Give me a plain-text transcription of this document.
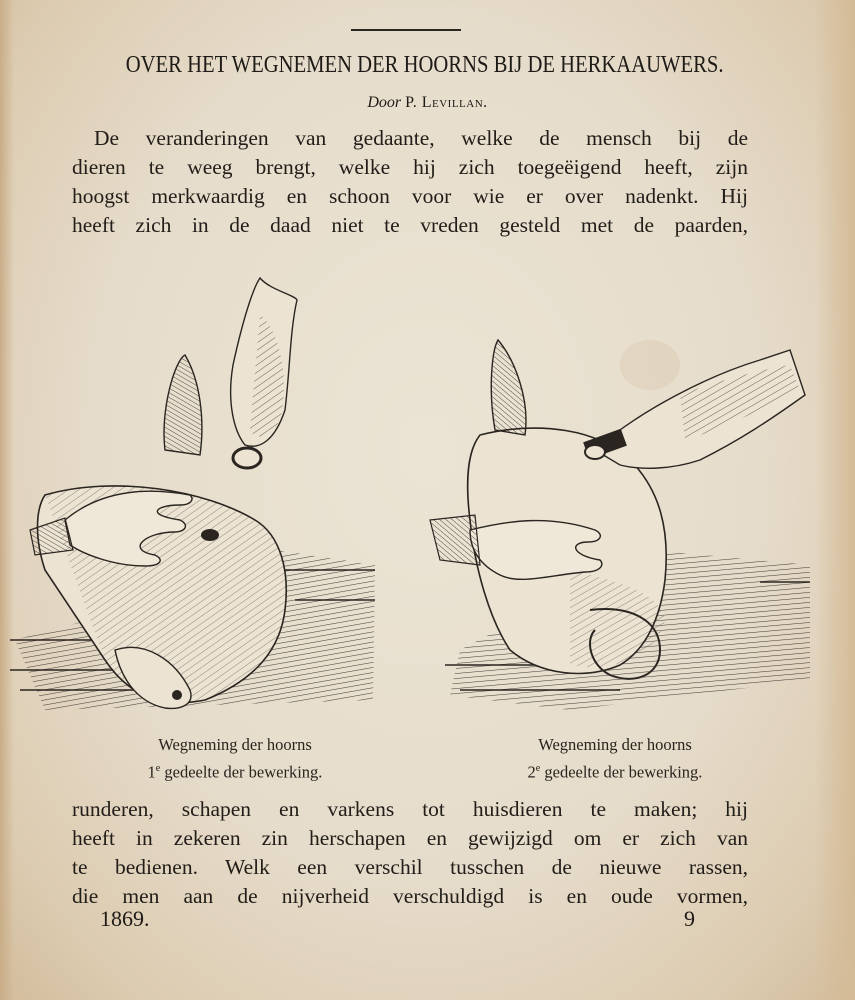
OVER HET WEGNEMEN DER HOORNS BIJ DE HERKAAUWERS.
Door P. Levillan.
De veranderingen van gedaante, welke de mensch bij de
dieren te weeg brengt, welke hij zich toegeëigend heeft, zijn
hoogst merkwaardig en schoon voor wie er over nadenkt. Hij
heeft zich in de daad niet te vreden gesteld met de paarden,
Wegneming der hoorns
1e gedeelte der bewerking.
Wegneming der hoorns
2e gedeelte der bewerking.
runderen, schapen en varkens tot huisdieren te maken; hij
heeft in zekeren zin herschapen en gewijzigd om er zich van
te bedienen. Welk een verschil tusschen de nieuwe rassen,
die men aan de nijverheid verschuldigd is en oude vormen,
1869.	9
